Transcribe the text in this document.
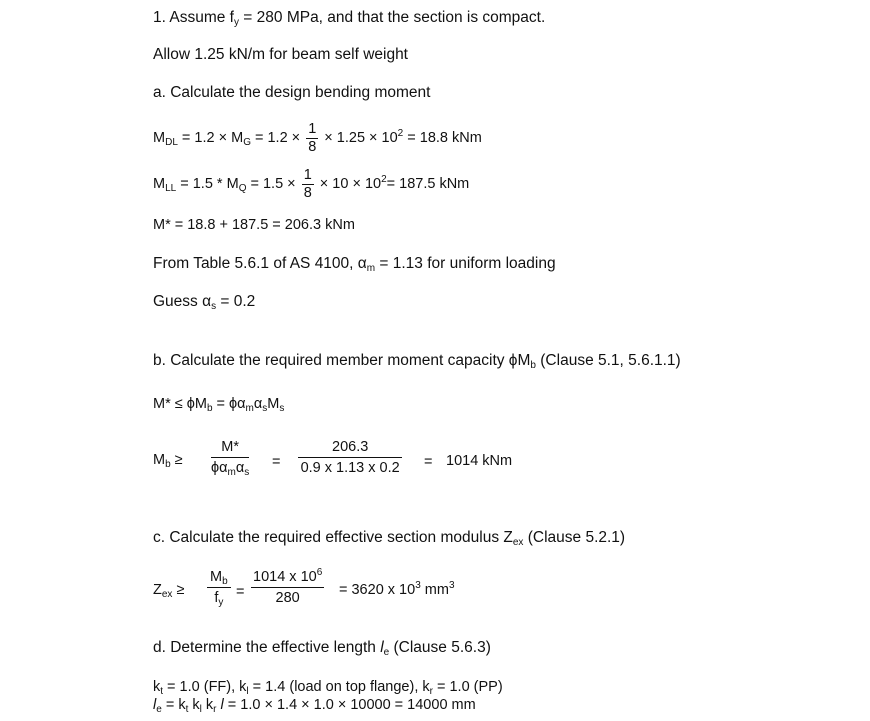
1. Assume $f_y = 280$ MPa, and that the section is compact.
Allow 1.25 kN/m for beam self weight
a. Calculate the design bending moment
$M_{DL} = 1.2 \times M_G = 1.2 \times \frac{1}{8} \times 1.25 \times 10^2 = 18.8$ kNm
$M_{LL} = 1.5 * M_Q = 1.5 \times \frac{1}{8} \times 10 \times 10^2= 187.5$ kNm
M* = 18.8 + 187.5 = 206.3 kNm
From Table 5.6.1 of AS 4100, $\alpha_m = 1.13$ for uniform loading
Guess $\alpha_s = 0.2$
b. Calculate the required member moment capacity $\phi M_b$ (Clause 5.1, 5.6.1.1)
$M* \le \phi M_b = \phi\alpha_m\alpha_sM_s$
$M_b \ge \frac{M*}{\phi\alpha_m\alpha_s} = \frac{206.3}{0.9 x 1.13 x 0.2} = 1014$ kNm
c. Calculate the required effective section modulus $Z_{ex}$ (Clause 5.2.1)
$Z_{ex} \ge \frac{M_b}{f_y} = \frac{1014 x 10^6}{280} = 3620$ x $10^3$ $mm^3$
d. Determine the effective length $l_e$ (Clause 5.6.3)
$k_t = 1.0$ (FF), $k_l = 1.4$ (load on top flange), $k_r = 1.0$ (PP)
$l_e = k_t$ $k_l$ $k_r$ l = 1.0 × 1.4 × 1.0 × 10000 = 14000 mm
